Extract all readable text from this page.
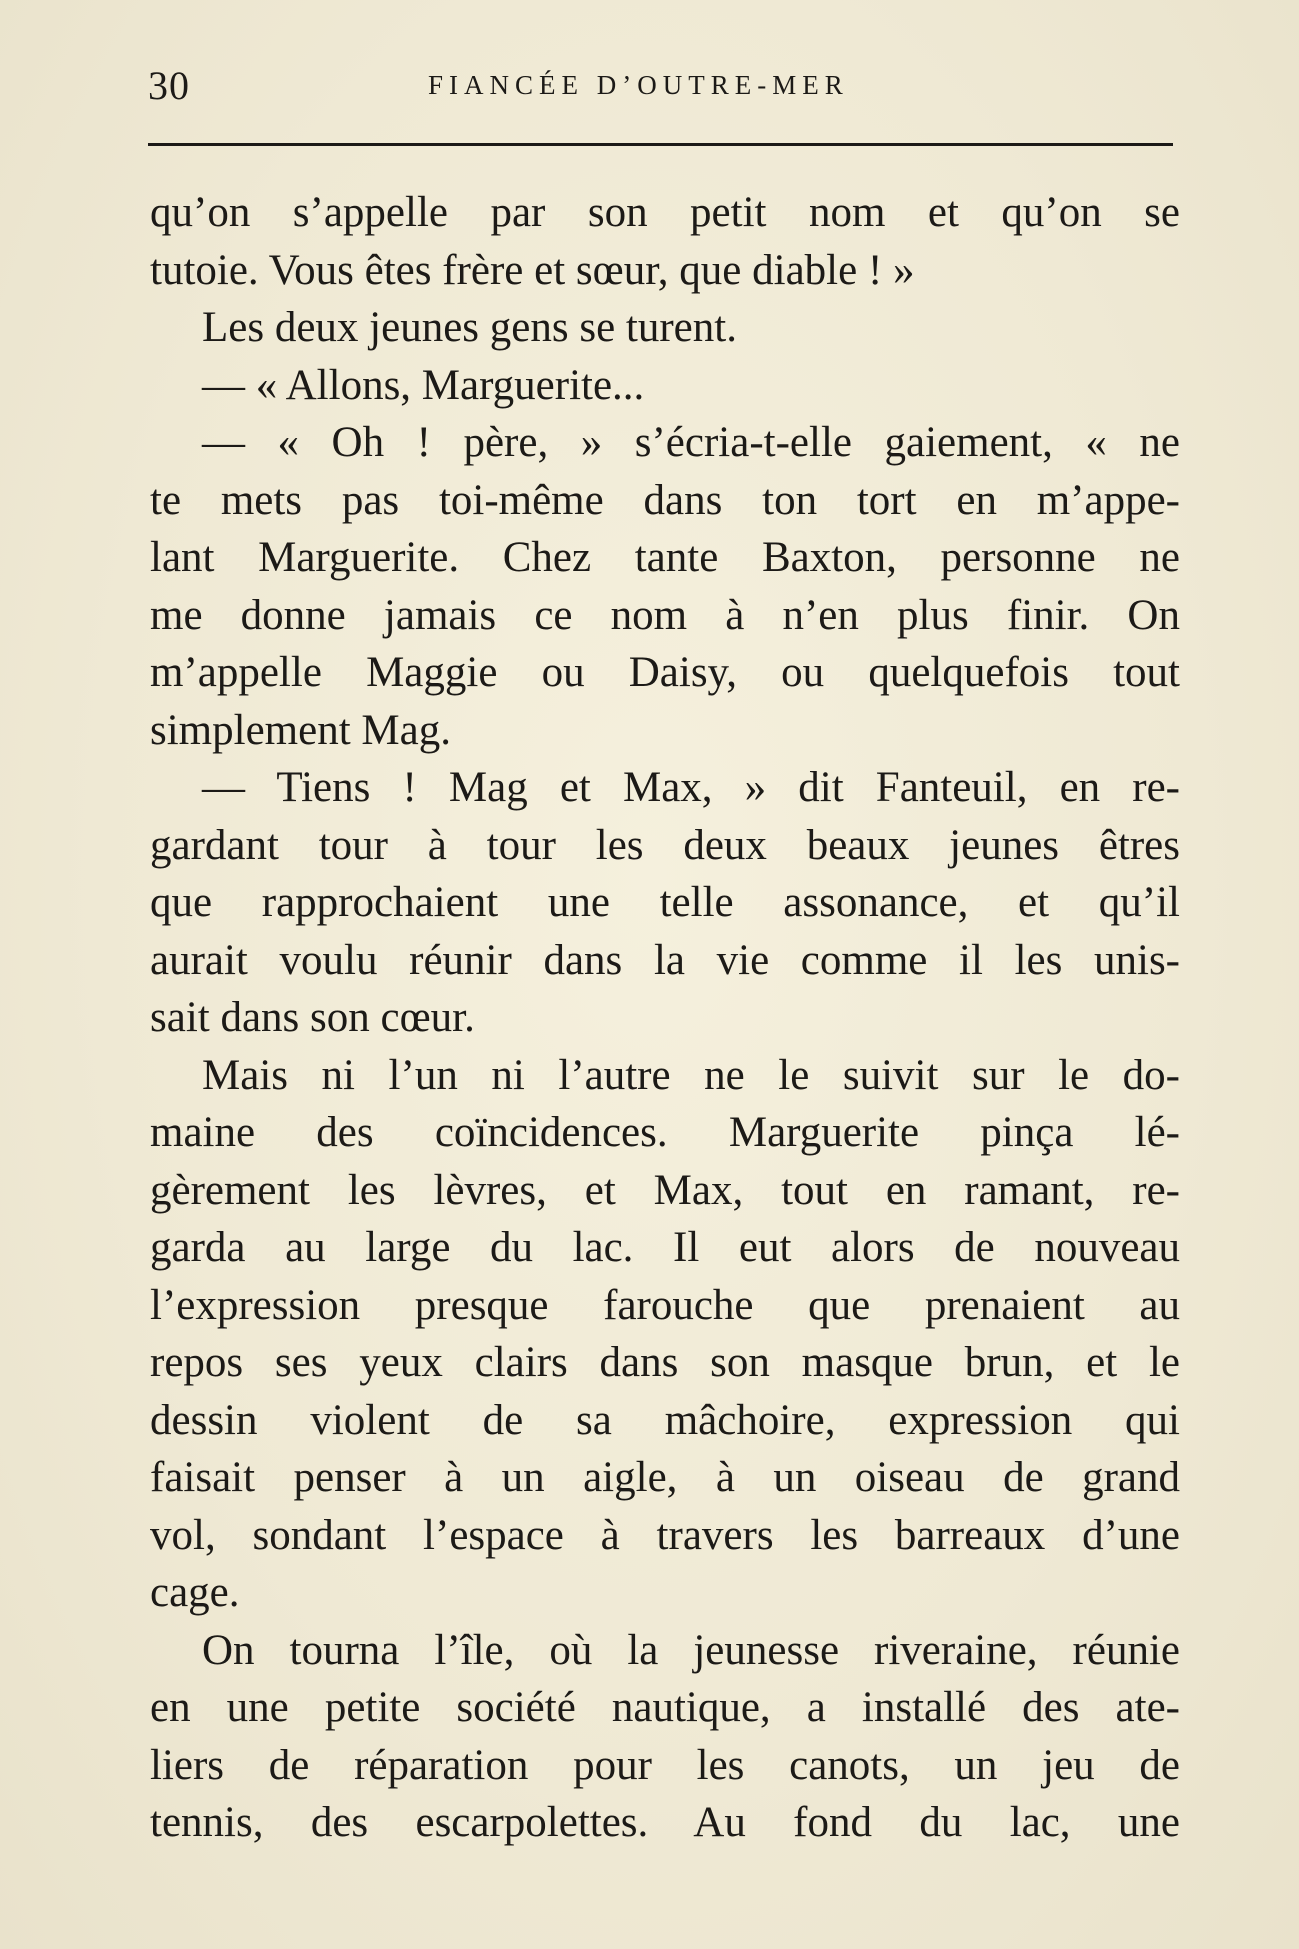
30	FIANCÉE D’OUTRE-MER
qu’on s’appelle par son petit nom et qu’on se
tutoie. Vous êtes frère et sœur, que diable ! »
Les deux jeunes gens se turent.
— « Allons, Marguerite...
— « Oh ! père, » s’écria-t-elle gaiement, « ne
te mets pas toi-même dans ton tort en m’appe-
lant Marguerite. Chez tante Baxton, personne ne
me donne jamais ce nom à n’en plus finir. On
m’appelle Maggie ou Daisy, ou quelquefois tout
simplement Mag.
— Tiens ! Mag et Max, » dit Fanteuil, en re-
gardant tour à tour les deux beaux jeunes êtres
que rapprochaient une telle assonance, et qu’il
aurait voulu réunir dans la vie comme il les unis-
sait dans son cœur.
Mais ni l’un ni l’autre ne le suivit sur le do-
maine des coïncidences. Marguerite pinça lé-
gèrement les lèvres, et Max, tout en ramant, re-
garda au large du lac. Il eut alors de nouveau
l’expression presque farouche que prenaient au
repos ses yeux clairs dans son masque brun, et le
dessin violent de sa mâchoire, expression qui
faisait penser à un aigle, à un oiseau de grand
vol, sondant l’espace à travers les barreaux d’une
cage.
On tourna l’île, où la jeunesse riveraine, réunie
en une petite société nautique, a installé des ate-
liers de réparation pour les canots, un jeu de
tennis, des escarpolettes. Au fond du lac, une
